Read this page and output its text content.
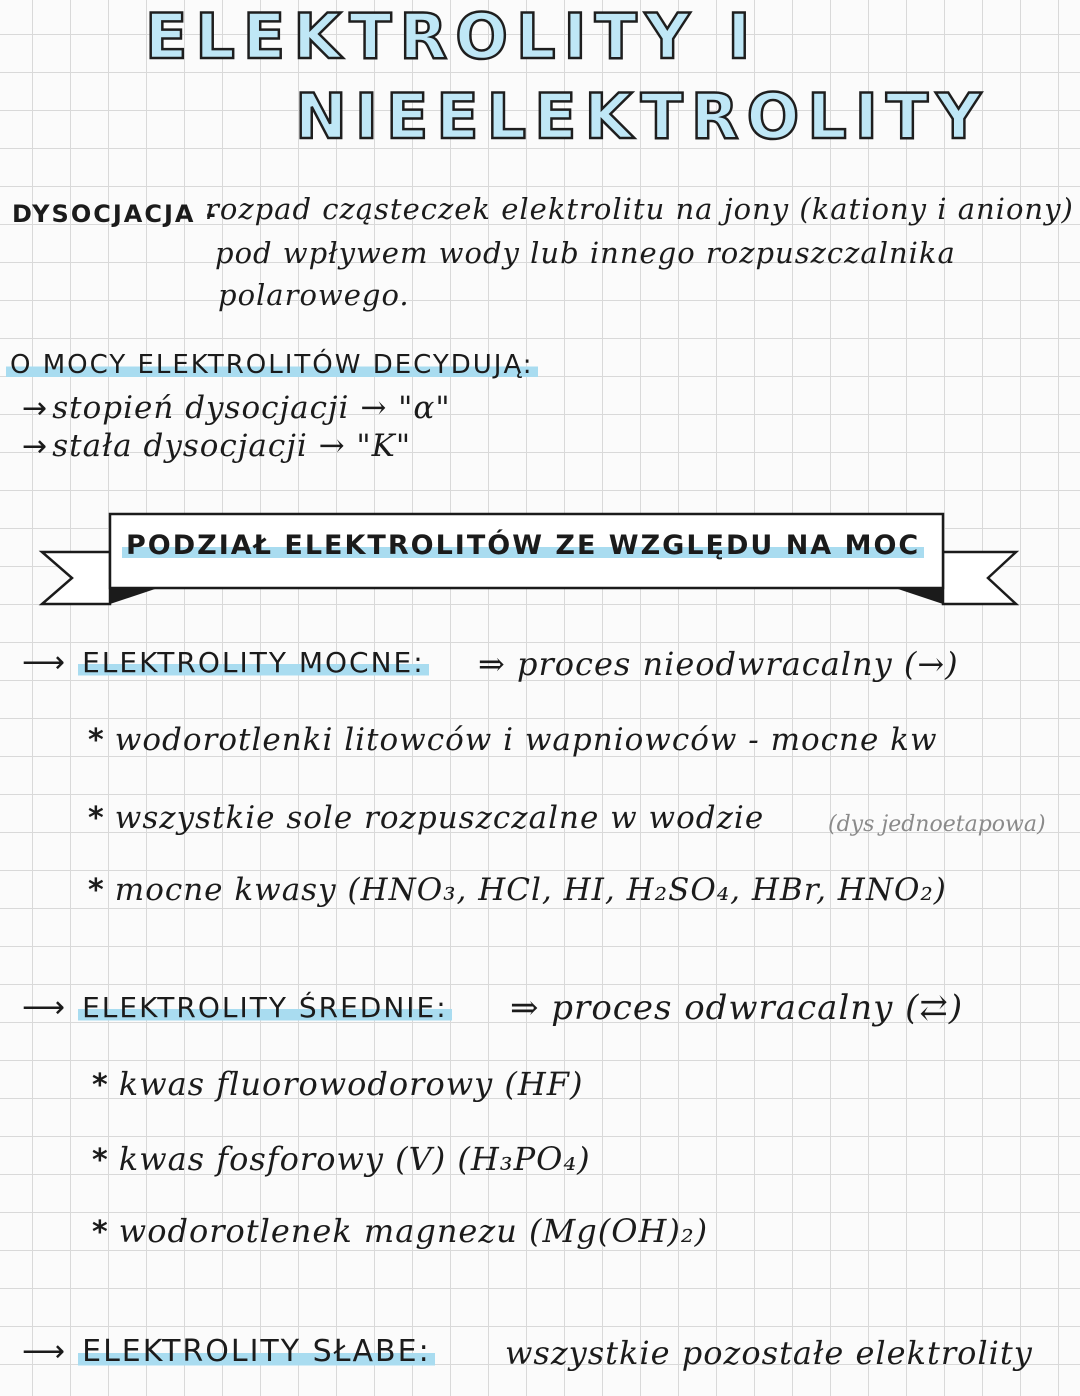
ELEKTROLITY I
NIEELEKTROLITY
DYSOCJACJA -
rozpad cząsteczek elektrolitu na jony (kationy i aniony)
pod wpływem wody lub innego rozpuszczalnika
polarowego.
O MOCY ELEKTROLITÓW DECYDUJĄ:
→ stopień dysocjacji → "α"
→ stała dysocjacji → "K"
PODZIAŁ ELEKTROLITÓW ZE WZGLĘDU NA MOC
⟶ ELEKTROLITY MOCNE: ⇒ proces nieodwracalny (→)
* wodorotlenki litowców i wapniowców - mocne kw
* wszystkie sole rozpuszczalne w wodzie	(dys jednoetapowa)
* mocne kwasy (HNO₃, HCl, HI, H₂SO₄, HBr, HNO₂)
⟶ ELEKTROLITY ŚREDNIE: ⇒ proces odwracalny (⇄)
* kwas fluorowodorowy (HF)
* kwas fosforowy (V) (H₃PO₄)
* wodorotlenek magnezu (Mg(OH)₂)
⟶ ELEKTROLITY SŁABE: wszystkie pozostałe elektrolity
